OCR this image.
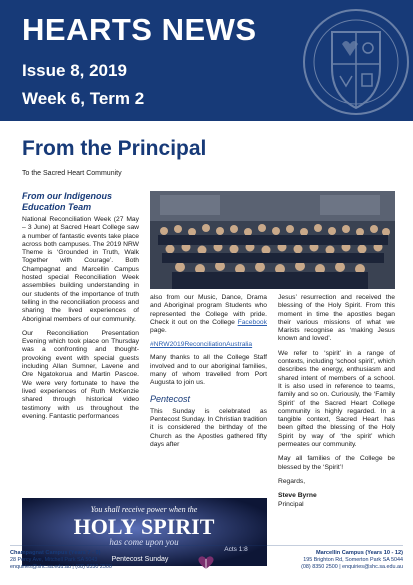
HEARTS NEWS
Issue 8, 2019
Week 6, Term 2
From the Principal
To the Sacred Heart Community
From our Indigenous Education Team

National Reconciliation Week (27 May – 3 June) at Sacred Heart College saw a number of fantastic events take place across both campuses. The 2019 NRW Theme is ‘Grounded in Truth, Walk Together with Courage’. Both Champagnat and Marcellin Campus hosted special Reconciliation Week assemblies building understanding in our students of the importance of truth telling in the reconciliation process and sharing the lived experiences of Aboriginal members of our community.

Our Reconciliation Presentation Evening which took place on Thursday was a confronting and thought-provoking event with special guests including Allan Sumner, Lavene and Ore Ngatokorua and Martin Pascoe. We were very fortunate to have the lived experiences of Ruth McKenzie shared through historical video testimony with us throughout the evening. Fantastic performances

also from our Music, Dance, Drama and Aboriginal program Students who represented the College with pride. Check it out on the College Facebook page.

#NRW2019ReconciliationAustralia

Many thanks to all the College Staff involved and to our aboriginal families, many of whom travelled from Port Augusta to join us.

Pentecost

This Sunday is celebrated as Pentecost Sunday. In Christian tradition it is considered the birthday of the Church as the Apostles gathered fifty days after

Jesus’ resurrection and received the blessing of the Holy Spirit. From this moment in time the apostles began their various missions of what we Marists recognise as ‘making Jesus known and loved’.

We refer to ‘spirit’ in a range of contexts, including ‘school spirit’, which describes the energy, enthusiasm and shared intent of members of a school. It is also used in reference to teams, family and so on. Curiously, the ‘Family Spirit’ of the Sacred Heart College community is highly regarded. In a tangible context, Sacred Heart has been gifted the blessing of the Holy Spirit by way of ‘the spirit’ which permeates our community.

May all families of the College be blessed by the ‘Spirit’!

Regards,
Steve Byrne
Principal
You shall receive power when the
HOLY SPIRIT
has come upon you
Acts 1:8
Pentecost Sunday
Champagnat Campus (Years 7 - 9)
28 Percy Ave, Mitchell Park SA 5043
enquiries@shc.sa.edu.au | (08) 8350 2500
Marcellin Campus (Years 10 - 12)
195 Brighton Rd, Somerton Park SA 5044
(08) 8350 2500 | enquiries@shc.sa.edu.au
